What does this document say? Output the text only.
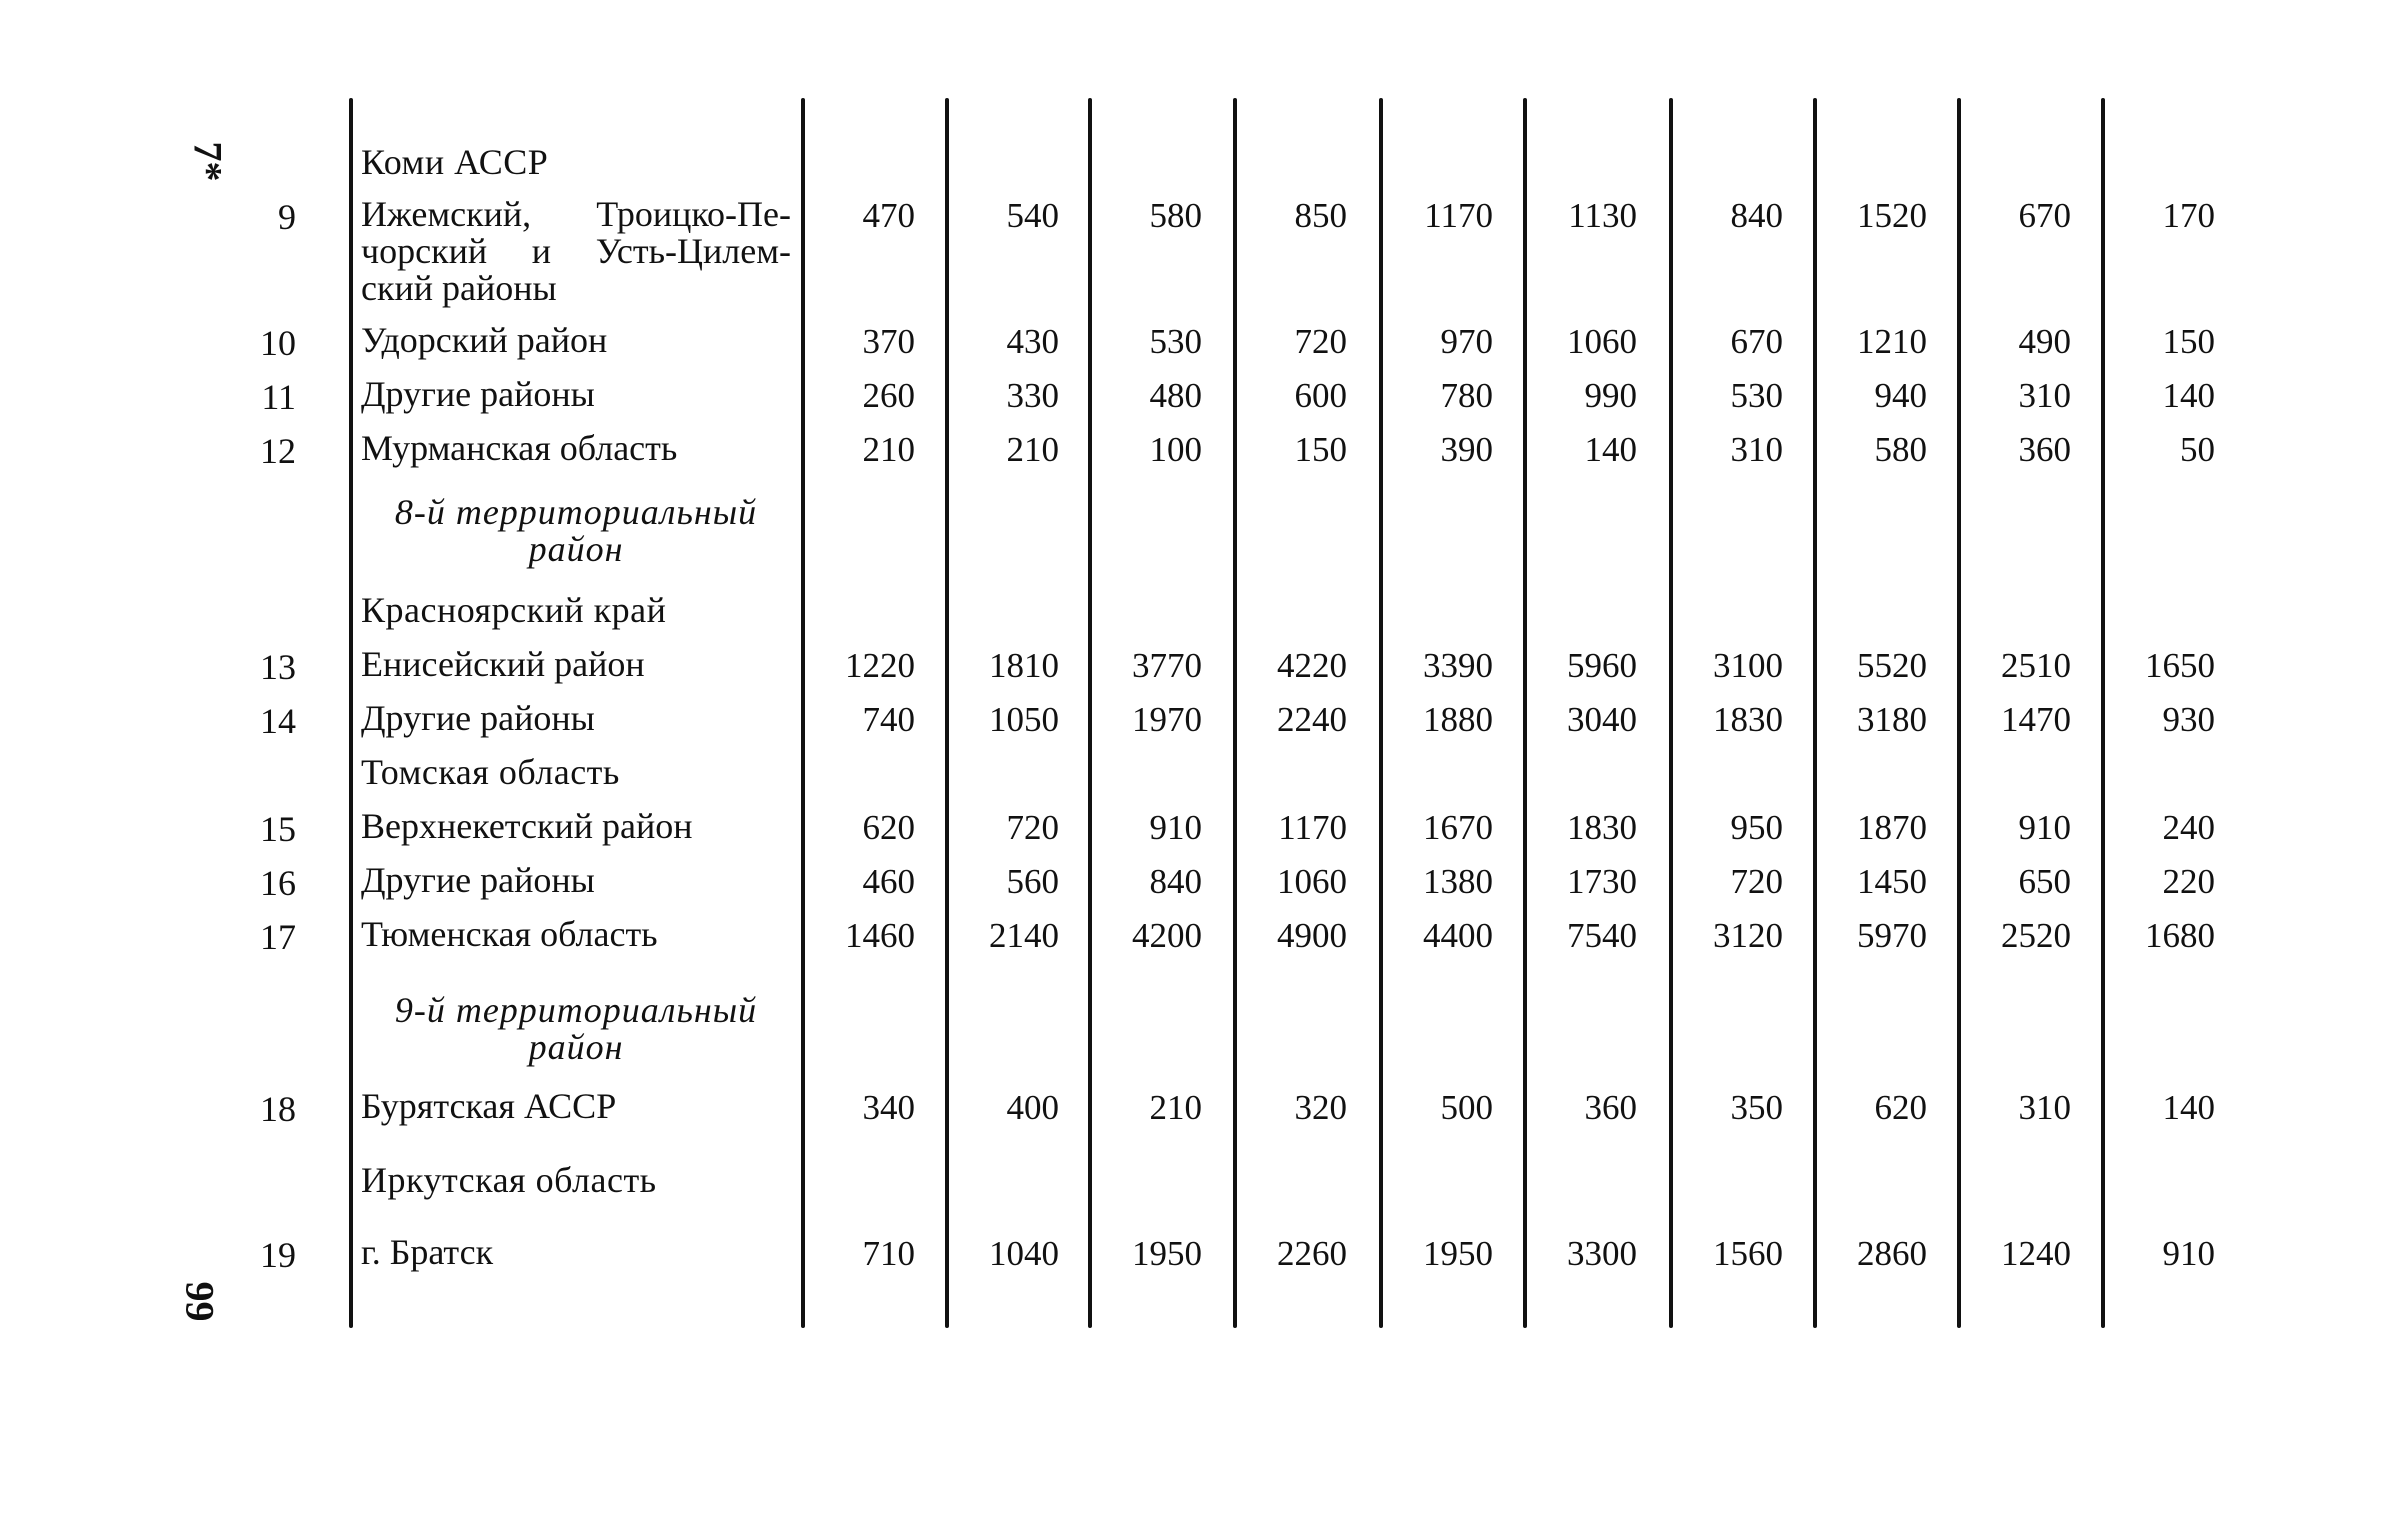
7*
99
Коми АССР
9 Ижемский, Троицко-Пе-
чорский и Усть-Цилем-
ский районы
470	540	580	850	1170	1130	840	1520	670	170
10 Удорский район	370	430	530	720	970	1060	670	1210	490	150
11 Другие районы	260	330	480	600	780	990	530	940	310	140
12 Мурманская область	210	210	100	150	390	140	310	580	360	50
8-й территориальный
район
Красноярский край
13 Енисейский район	1220	1810	3770	4220	3390	5960	3100	5520	2510	1650
14 Другие районы	740	1050	1970	2240	1880	3040	1830	3180	1470	930
Томская область
15 Верхнекетский район	620	720	910	1170	1670	1830	950	1870	910	240
16 Другие районы	460	560	840	1060	1380	1730	720	1450	650	220
17 Тюменская область	1460	2140	4200	4900	4400	7540	3120	5970	2520	1680
9-й территориальный
район
18 Бурятская АССР	340	400	210	320	500	360	350	620	310	140
Иркутская область
19 г. Братск	710	1040	1950	2260	1950	3300	1560	2860	1240	910
